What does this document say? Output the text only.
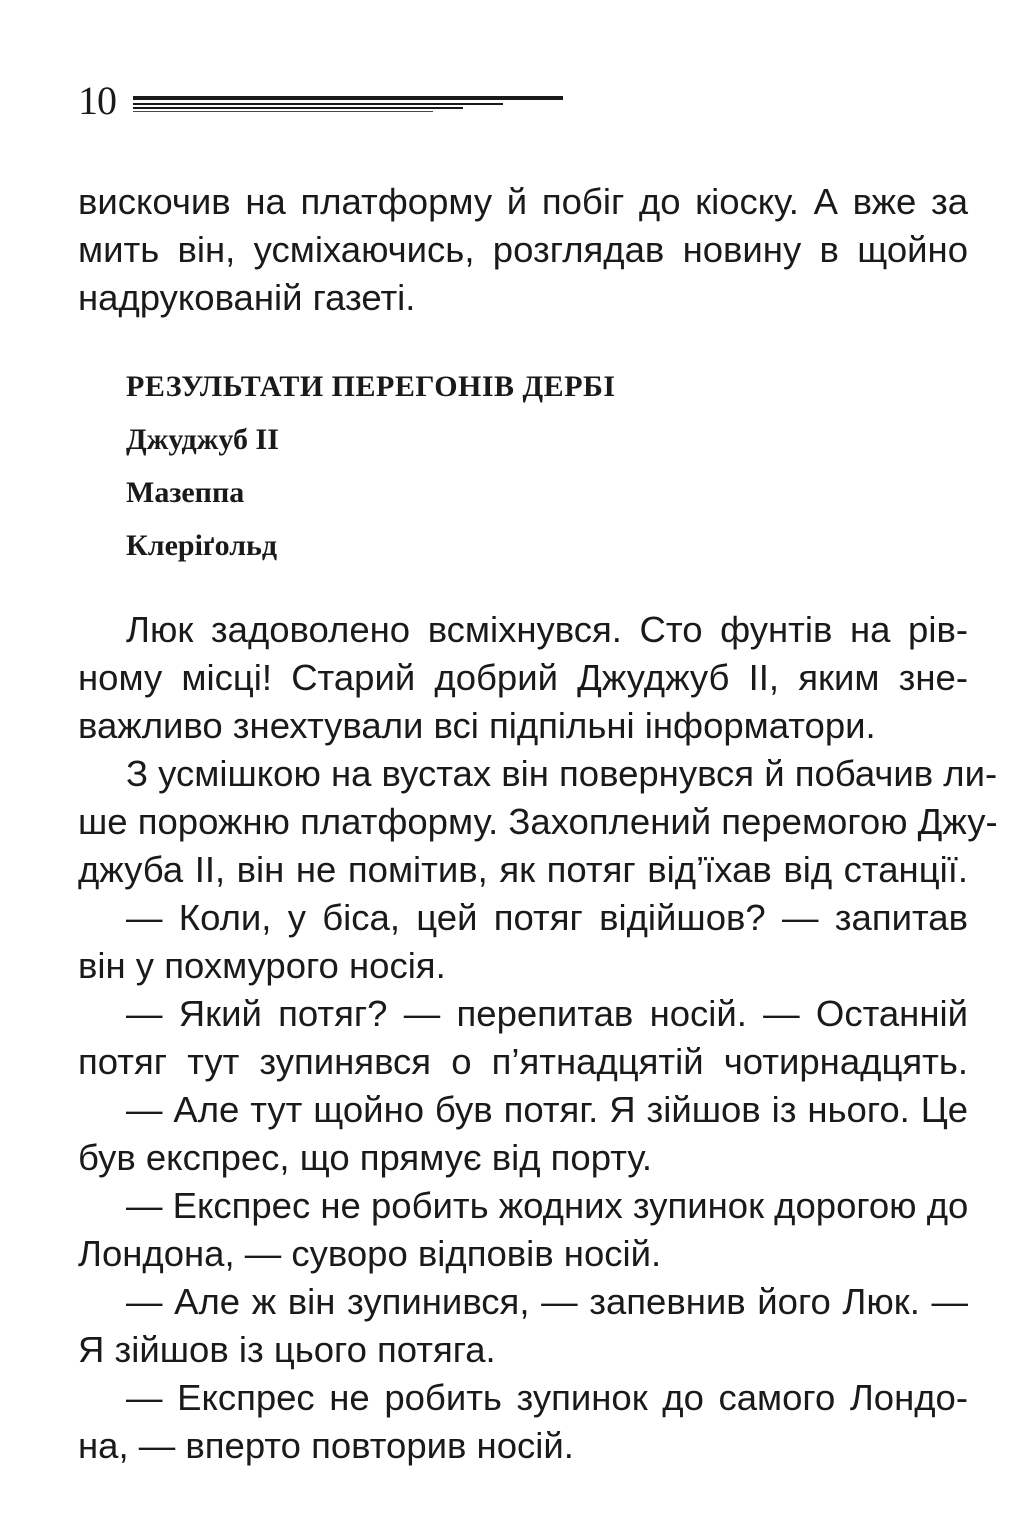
10
вискочив на платформу й побіг до кіоску. А вже за
мить він, усміхаючись, розглядав новину в щойно
надрукованій газеті.
РЕЗУЛЬТАТИ ПЕРЕГОНІВ ДЕРБІ
Джуджуб II
Мазеппа
Клеріґольд
Люк задоволено всміхнувся. Сто фунтів на рів-
ному місці! Старий добрий Джуджуб II, яким зне-
важливо знехтували всі підпільні інформатори.
З усмішкою на вустах він повернувся й побачив ли-
ше порожню платформу. Захоплений перемогою Джу-
джуба II, він не помітив, як потяг від’їхав від станції.
— Коли, у біса, цей потяг відійшов? — запитав
він у похмурого носія.
— Який потяг? — перепитав носій. — Останній
потяг тут зупинявся о п’ятнадцятій чотирнадцять.
— Але тут щойно був потяг. Я зійшов із нього. Це
був експрес, що прямує від порту.
— Експрес не робить жодних зупинок дорогою до
Лондона, — суворо відповів носій.
— Але ж він зупинився, — запевнив його Люк. —
Я зійшов із цього потяга.
— Експрес не робить зупинок до самого Лондо-
на, — вперто повторив носій.
